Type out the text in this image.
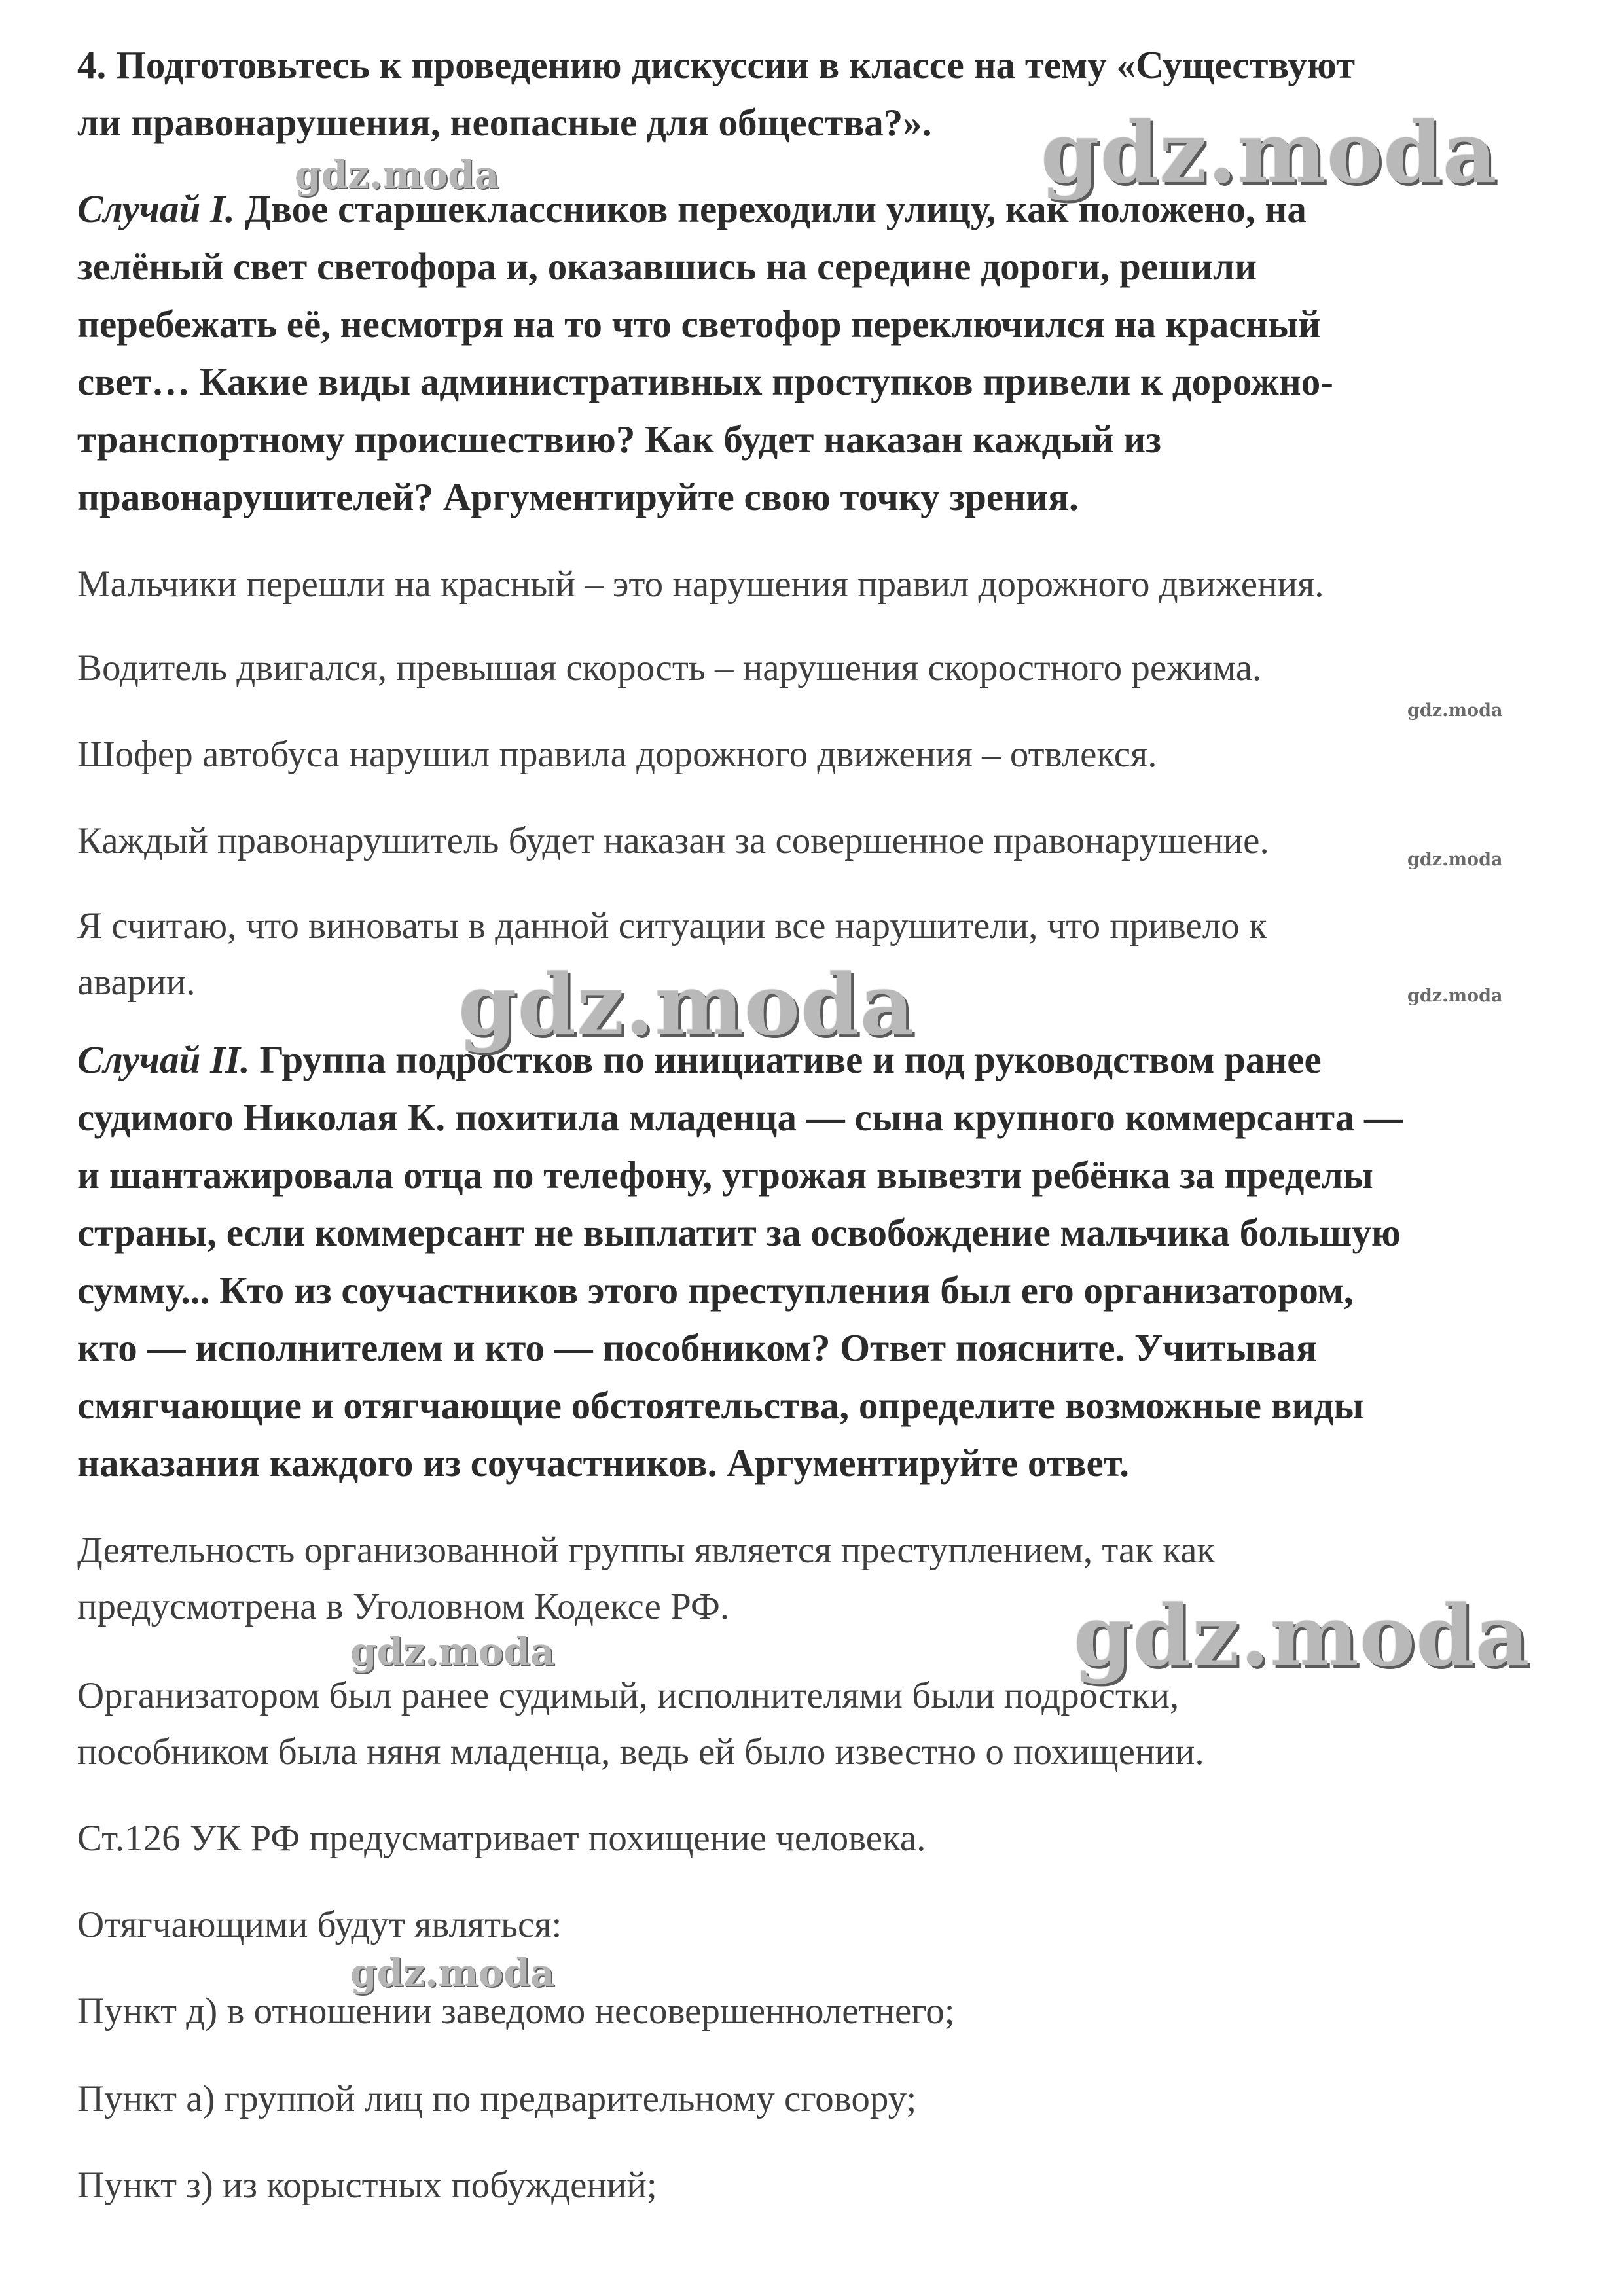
4. Подготовьтесь к проведению дискуссии в классе на тему «Существуют
ли правонарушения, неопасные для общества?».
Случай I. Двое старшеклассников переходили улицу, как положено, на
зелёный свет светофора и, оказавшись на середине дороги, решили
перебежать её, несмотря на то что светофор переключился на красный
свет… Какие виды административных проступков привели к дорожно-
транспортному происшествию? Как будет наказан каждый из
правонарушителей? Аргументируйте свою точку зрения.
Мальчики перешли на красный – это нарушения правил дорожного движения.
Водитель двигался, превышая скорость – нарушения скоростного режима.
Шофер автобуса нарушил правила дорожного движения – отвлекся.
Каждый правонарушитель будет наказан за совершенное правонарушение.
Я считаю, что виноваты в данной ситуации все нарушители, что привело к
аварии.
Случай II. Группа подростков по инициативе и под руководством ранее
судимого Николая К. похитила младенца — сына крупного коммерсанта —
и шантажировала отца по телефону, угрожая вывезти ребёнка за пределы
страны, если коммерсант не выплатит за освобождение мальчика большую
сумму... Кто из соучастников этого преступления был его организатором,
кто — исполнителем и кто — пособником? Ответ поясните. Учитывая
смягчающие и отягчающие обстоятельства, определите возможные виды
наказания каждого из соучастников. Аргументируйте ответ.
Деятельность организованной группы является преступлением, так как
предусмотрена в Уголовном Кодексе РФ.
Организатором был ранее судимый, исполнителями были подростки,
пособником была няня младенца, ведь ей было известно о похищении.
Ст.126 УК РФ предусматривает похищение человека.
Отягчающими будут являться:
Пункт д) в отношении заведомо несовершеннолетнего;
Пункт а) группой лиц по предварительному сговору;
Пункт з) из корыстных побуждений;
gdz.moda
gdz.moda
gdz.moda
gdz.moda
gdz.moda	gdz.moda
gdz.moda
gdz.moda
gdz.moda
